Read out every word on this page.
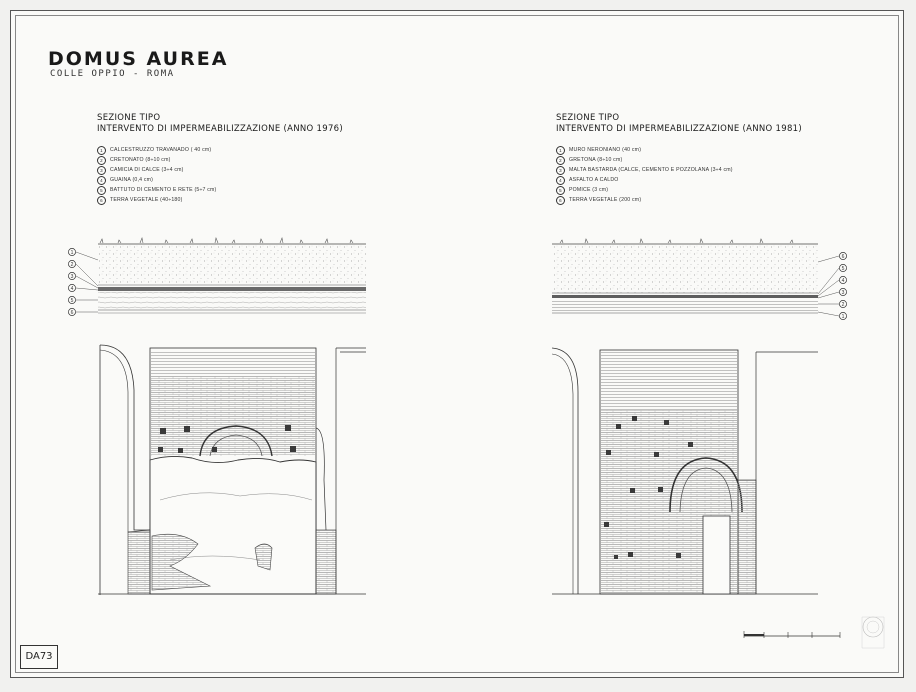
DOMUS AUREA
COLLE OPPIO - ROMA
SEZIONE TIPO
INTERVENTO DI IMPERMEABILIZZAZIONE (ANNO 1976)
1	CALCESTRUZZO TRAVANADO ( 40 cm)
2	CRETONATO (8÷10 cm)
3	CAMICIA DI CALCE (3÷4 cm)
4	GUAINA (0,4 cm)
5	BATTUTO DI CEMENTO E RETE (5÷7 cm)
6	TERRA VEGETALE (40÷180)
SEZIONE TIPO
INTERVENTO DI IMPERMEABILIZZAZIONE (ANNO 1981)
1	MURO NERONIANO (40 cm)
2	GRETONA (8÷10 cm)
3	MALTA BASTARDA (CALCE, CEMENTO E POZZOLANA (3÷4 cm)
4	ASFALTO A CALDO
5	POMICE (3 cm)
6	TERRA VEGETALE (200 cm)
1
2
3
4
5
6
6
5
4
3
2
1
DA73
